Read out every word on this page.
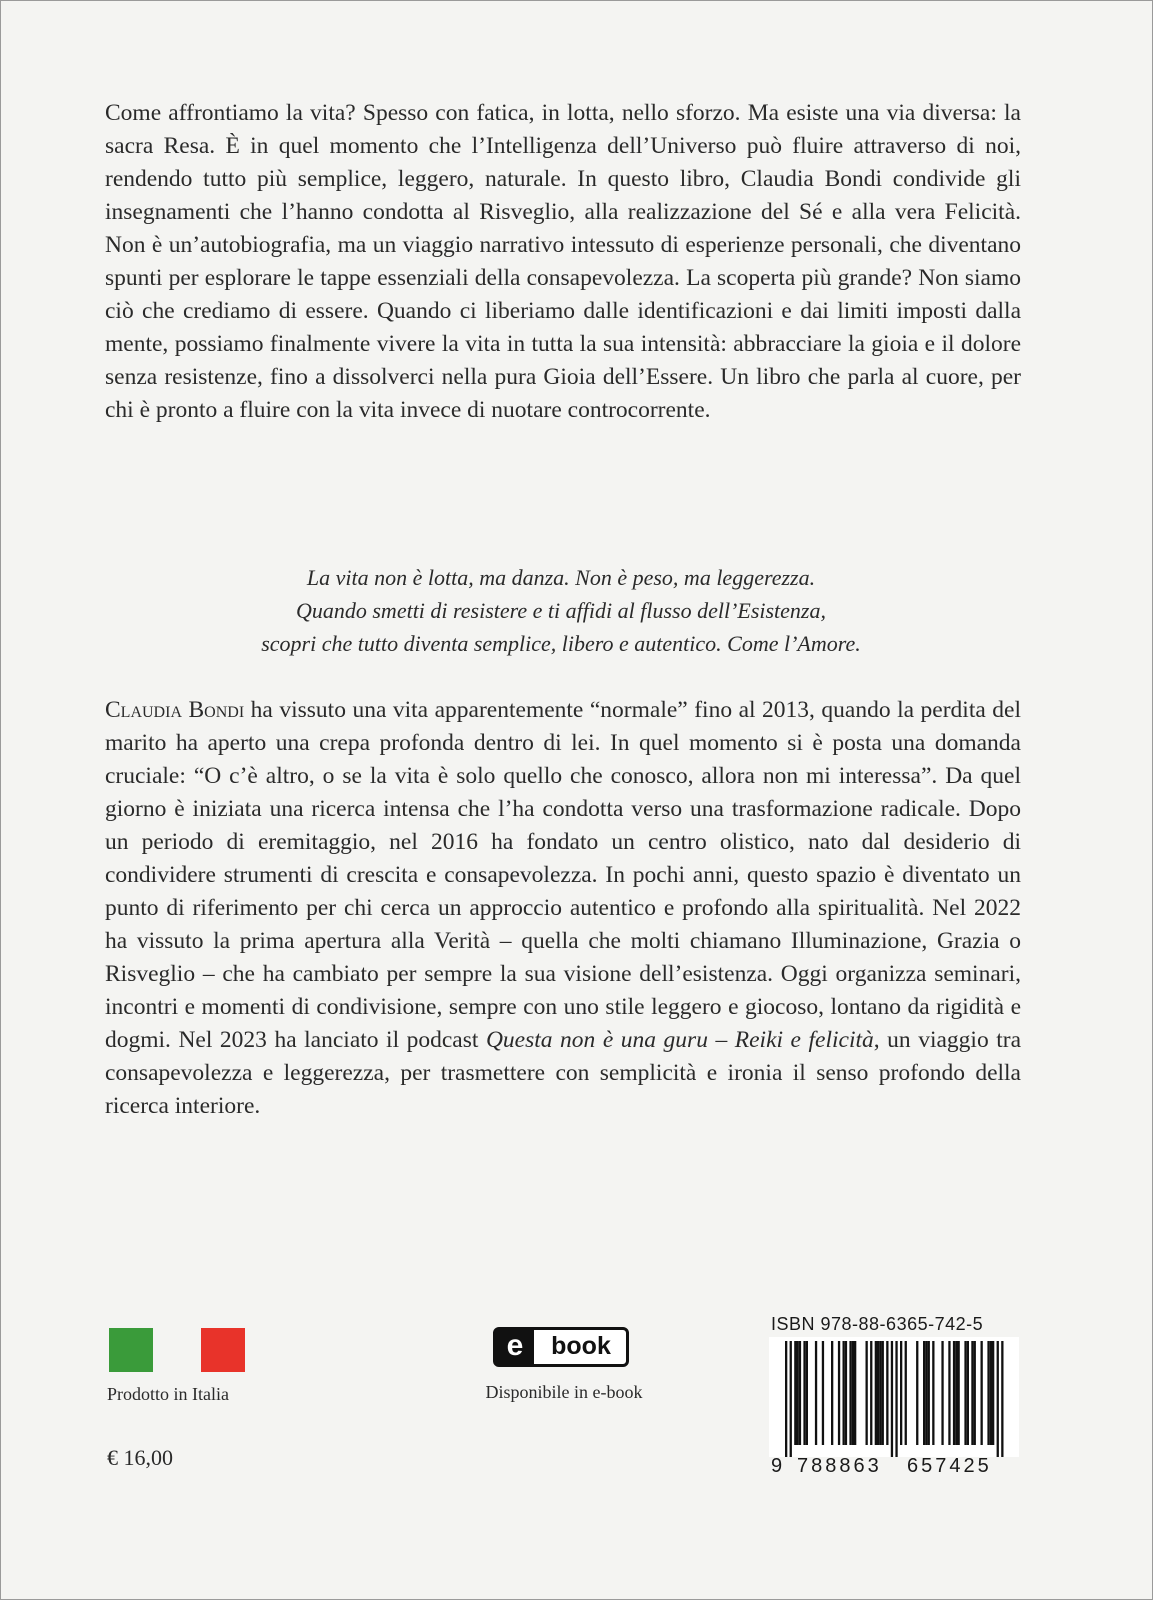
Come affrontiamo la vita? Spesso con fatica, in lotta, nello sforzo. Ma esiste una via diversa: la sacra Resa. È in quel momento che l’Intelligenza dell’Universo può fluire attraverso di noi, rendendo tutto più semplice, leggero, naturale. In questo libro, Claudia Bondi condivide gli insegnamenti che l’hanno condotta al Risveglio, alla realizzazione del Sé e alla vera Felicità. Non è un’autobiografia, ma un viaggio narrativo intessuto di esperienze personali, che diventano spunti per esplorare le tappe essenziali della consapevolezza. La scoperta più grande? Non siamo ciò che crediamo di essere. Quando ci liberiamo dalle identificazioni e dai limiti imposti dalla mente, possiamo finalmente vivere la vita in tutta la sua intensità: abbracciare la gioia e il dolore senza resistenze, fino a dissolverci nella pura Gioia dell’Essere. Un libro che parla al cuore, per chi è pronto a fluire con la vita invece di nuotare controcorrente.

La vita non è lotta, ma danza. Non è peso, ma leggerezza.
Quando smetti di resistere e ti affidi al flusso dell’Esistenza,
scopri che tutto diventa semplice, libero e autentico. Come l’Amore.

Claudia Bondi ha vissuto una vita apparentemente “normale” fino al 2013, quando la perdita del marito ha aperto una crepa profonda dentro di lei. In quel momento si è posta una domanda cruciale: “O c’è altro, o se la vita è solo quello che conosco, allora non mi interessa”. Da quel giorno è iniziata una ricerca intensa che l’ha condotta verso una trasformazione radicale. Dopo un periodo di eremitaggio, nel 2016 ha fondato un centro olistico, nato dal desiderio di condividere strumenti di crescita e consapevolezza. In pochi anni, questo spazio è diventato un punto di riferimento per chi cerca un approccio autentico e profondo alla spiritualità. Nel 2022 ha vissuto la prima apertura alla Verità – quella che molti chiamano Illuminazione, Grazia o Risveglio – che ha cambiato per sempre la sua visione dell’esistenza. Oggi organizza seminari, incontri e momenti di condivisione, sempre con uno stile leggero e giocoso, lontano da rigidità e dogmi. Nel 2023 ha lanciato il podcast Questa non è una guru – Reiki e felicità, un viaggio tra consapevolezza e leggerezza, per trasmettere con semplicità e ironia il senso profondo della ricerca interiore.

Prodotto in Italia
€ 16,00
e	book
Disponibile in e-book
ISBN 978-88-6365-742-5
9 788863 657425
